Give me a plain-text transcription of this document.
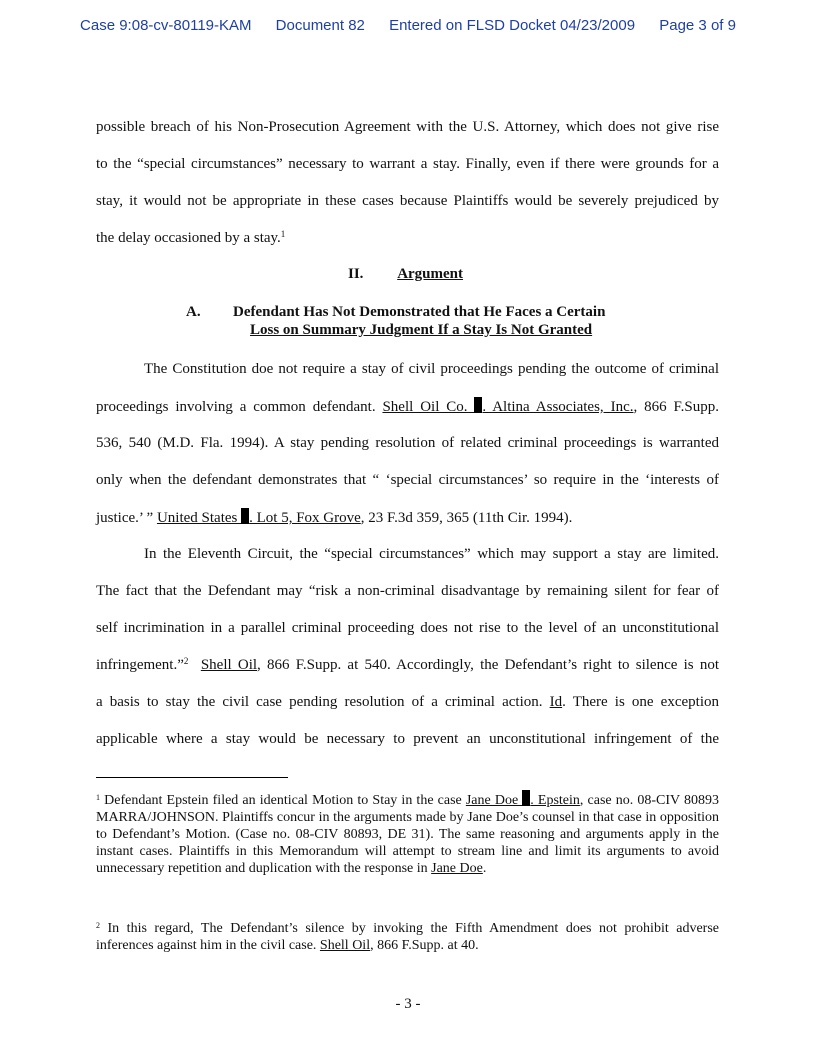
Case 9:08-cv-80119-KAM Document 82 Entered on FLSD Docket 04/23/2009 Page 3 of 9
possible breach of his Non-Prosecution Agreement with the U.S. Attorney, which does not give rise
to the “special circumstances” necessary to warrant a stay. Finally, even if there were grounds for a
stay, it would not be appropriate in these cases because Plaintiffs would be severely prejudiced by
the delay occasioned by a stay.$^1$
II. Argument
A. Defendant Has Not Demonstrated that He Faces a Certain
Loss on Summary Judgment If a Stay Is Not Granted
The Constitution doe not require a stay of civil proceedings pending the outcome of criminal
proceedings involving a common defendant. Shell Oil Co. . Altina Associates, Inc., 866 F.Supp.
536, 540 (M.D. Fla. 1994). A stay pending resolution of related criminal proceedings is warranted
only when the defendant demonstrates that “ ‘special circumstances’ so require in the ‘interests of
justice.’ ” United States . Lot 5, Fox Grove, 23 F.3d 359, 365 (11th Cir. 1994).
In the Eleventh Circuit, the “special circumstances” which may support a stay are limited.
The fact that the Defendant may “risk a non-criminal disadvantage by remaining silent for fear of
self incrimination in a parallel criminal proceeding does not rise to the level of an unconstitutional
infringement.”$^2$ Shell Oil, 866 F.Supp. at 540. Accordingly, the Defendant’s right to silence is not
a basis to stay the civil case pending resolution of a criminal action. Id. There is one exception
applicable where a stay would be necessary to prevent an unconstitutional infringement of the
$^1$ Defendant Epstein filed an identical Motion to Stay in the case Jane Doe . Epstein, case no. 08-CIV 80893 MARRA/JOHNSON. Plaintiffs concur in the arguments made by Jane Doe’s counsel in that case in opposition to Defendant’s Motion. (Case no. 08-CIV 80893, DE 31). The same reasoning and arguments apply in the instant cases. Plaintiffs in this Memorandum will attempt to stream line and limit its arguments to avoid unnecessary repetition and duplication with the response in Jane Doe.
$^2$ In this regard, The Defendant’s silence by invoking the Fifth Amendment does not prohibit adverse inferences against him in the civil case. Shell Oil, 866 F.Supp. at 40.
- 3 -
